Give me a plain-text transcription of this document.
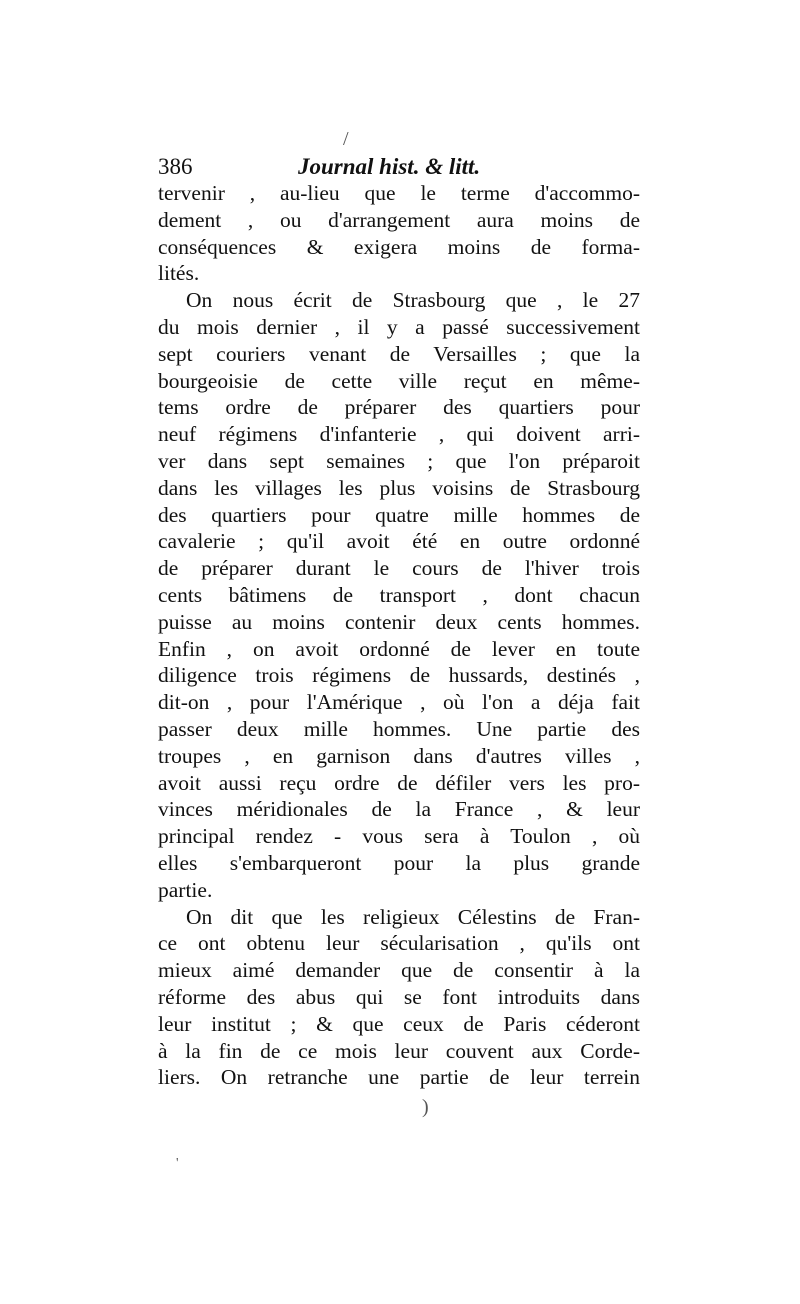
/
)
'
386	Journal hist. & litt.
tervenir , au-lieu que le terme d'accommo-
dement , ou d'arrangement aura moins de
conséquences & exigera moins de forma-
lités.
On nous écrit de Strasbourg que , le 27
du mois dernier , il y a passé successivement
sept couriers venant de Versailles ; que la
bourgeoisie de cette ville reçut en même-
tems ordre de préparer des quartiers pour
neuf régimens d'infanterie , qui doivent arri-
ver dans sept semaines ; que l'on préparoit
dans les villages les plus voisins de Strasbourg
des quartiers pour quatre mille hommes de
cavalerie ; qu'il avoit été en outre ordonné
de préparer durant le cours de l'hiver trois
cents bâtimens de transport , dont chacun
puisse au moins contenir deux cents hommes.
Enfin , on avoit ordonné de lever en toute
diligence trois régimens de hussards, destinés ,
dit-on , pour l'Amérique , où l'on a déja fait
passer deux mille hommes. Une partie des
troupes , en garnison dans d'autres villes ,
avoit aussi reçu ordre de défiler vers les pro-
vinces méridionales de la France , & leur
principal rendez - vous sera à Toulon , où
elles s'embarqueront pour la plus grande
partie.
On dit que les religieux Célestins de Fran-
ce ont obtenu leur sécularisation , qu'ils ont
mieux aimé demander que de consentir à la
réforme des abus qui se font introduits dans
leur institut ; & que ceux de Paris céderont
à la fin de ce mois leur couvent aux Corde-
liers. On retranche une partie de leur terrein
